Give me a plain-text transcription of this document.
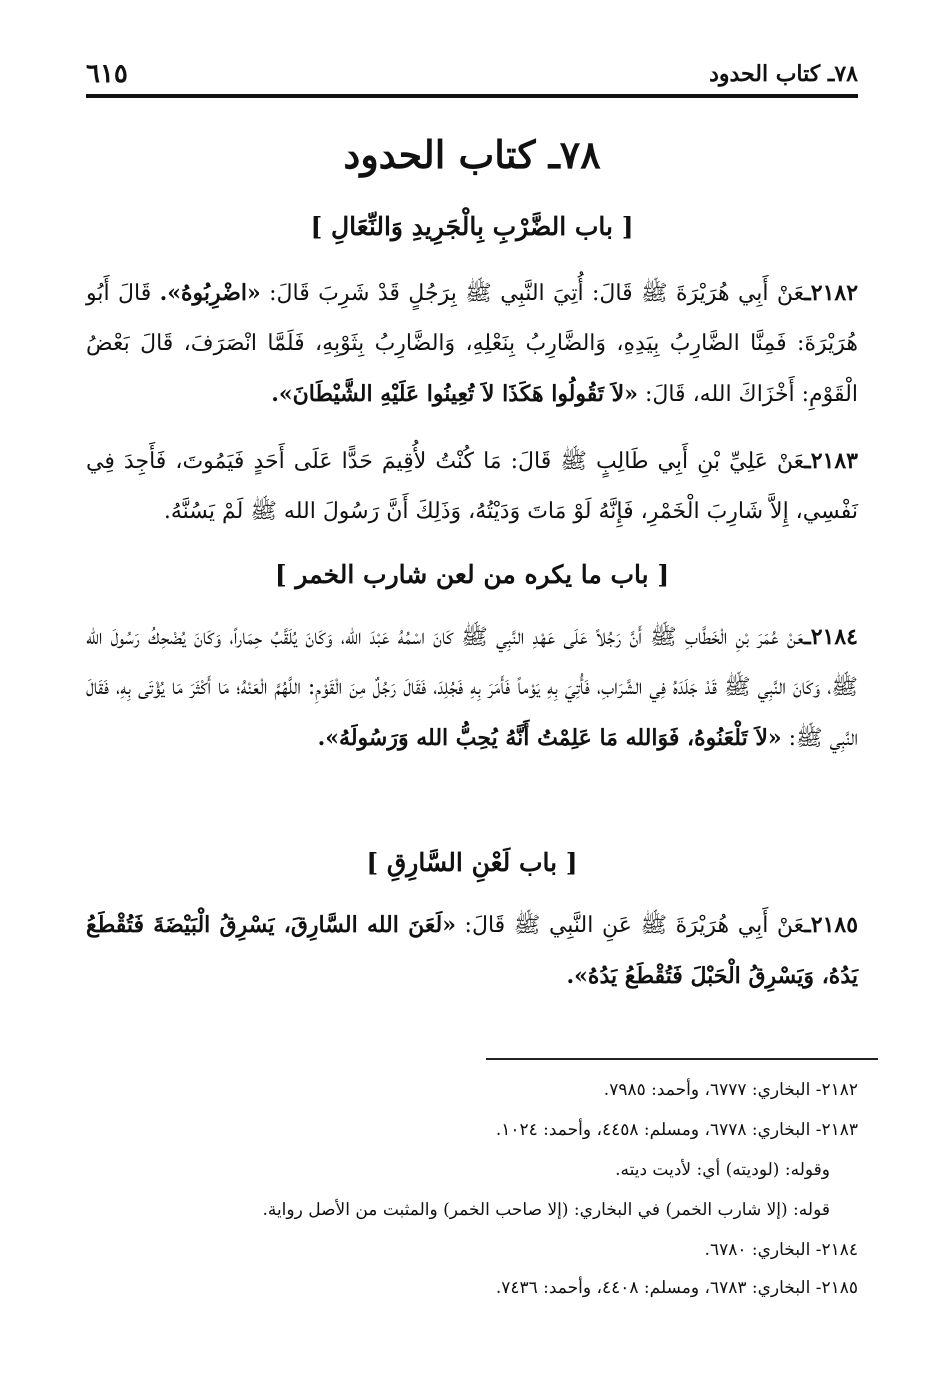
٧٨ـ كتاب الحدود
٦١٥
٧٨ـ كتاب الحدود
[ باب الضَّرْبِ بِالْجَرِيدِ وَالنِّعَالِ ]
٢١٨٢ـعَنْ أَبِي هُرَيْرَةَ ﷺ قَالَ: أُتِيَ النَّبِي ﷺ بِرَجُلٍ قَدْ شَرِبَ قَالَ: «اضْرِبُوهُ». قَالَ أَبُو هُرَيْرَةَ: فَمِنَّا الضَّارِبُ بِيَدِهِ، وَالضَّارِبُ بِنَعْلِهِ، وَالضَّارِبُ بِثَوْبِهِ، فَلَمَّا انْصَرَفَ، قَالَ بَعْضُ الْقَوْمِ: أَخْزَاكَ الله، قَالَ: «لاَ تَقُولُوا هَكَذَا لاَ تُعِينُوا عَلَيْهِ الشَّيْطَانَ».
٢١٨٣ـعَنْ عَلِيِّ بْنِ أَبِي طَالِبٍ ﷺ قَالَ: مَا كُنْتُ لأُقِيمَ حَدًّا عَلَى أَحَدٍ فَيَمُوتَ، فَأَجِدَ فِي نَفْسِي، إِلاَّ شَارِبَ الْخَمْرِ، فَإِنَّهُ لَوْ مَاتَ وَدَيْتُهُ، وَذَلِكَ أَنَّ رَسُولَ الله ﷺ لَمْ يَسُنَّهُ.
[ باب ما يكره من لعن شارب الخمر ]
٢١٨٤ـعَنْ عُمَرَ بْنِ الْخَطَّابِ ﷺ أَنَّ رَجُلاً عَلَى عَهْدِ النَّبِي ﷺ كَانَ اسْمُهُ عَبْدَ الله، وَكَانَ يُلَقَّبُ حِمَاراً، وَكَانَ يُضْحِكُ رَسُولَ الله ﷺ، وَكَانَ النَّبِي ﷺ قَدْ جَلَدَهُ فِي الشَّرَابِ، فَأُتِيَ بِهِ يَوْماً فَأَمَرَ بِهِ فَجُلِدَ، فَقَالَ رَجُلٌ مِنَ الْقَوْمِ: اللَّهُمَّ الْعَنْهُ؛ مَا أَكْثَرَ مَا يُؤْتَى بِهِ، فَقَالَ النَّبِي ﷺ: «لاَ تَلْعَنُوهُ، فَوَالله مَا عَلِمْتُ أَنَّهُ يُحِبُّ الله وَرَسُولَهُ».
[ باب لَعْنِ السَّارِقِ ]
٢١٨٥ـعَنْ أَبِي هُرَيْرَةَ ﷺ عَنِ النَّبِي ﷺ قَالَ: «لَعَنَ الله السَّارِقَ، يَسْرِقُ الْبَيْضَةَ فَتُقْطَعُ يَدُهُ، وَيَسْرِقُ الْحَبْلَ فَتُقْطَعُ يَدُهُ».
٢١٨٢- البخاري: ٦٧٧٧، وأحمد: ٧٩٨٥.
٢١٨٣- البخاري: ٦٧٧٨، ومسلم: ٤٤٥٨، وأحمد: ١٠٢٤.
وقوله: (لوديته) أي: لأديت ديته.
قوله: (إلا شارب الخمر) في البخاري: (إلا صاحب الخمر) والمثبت من الأصل رواية.
٢١٨٤- البخاري: ٦٧٨٠.
٢١٨٥- البخاري: ٦٧٨٣، ومسلم: ٤٤٠٨، وأحمد: ٧٤٣٦.
